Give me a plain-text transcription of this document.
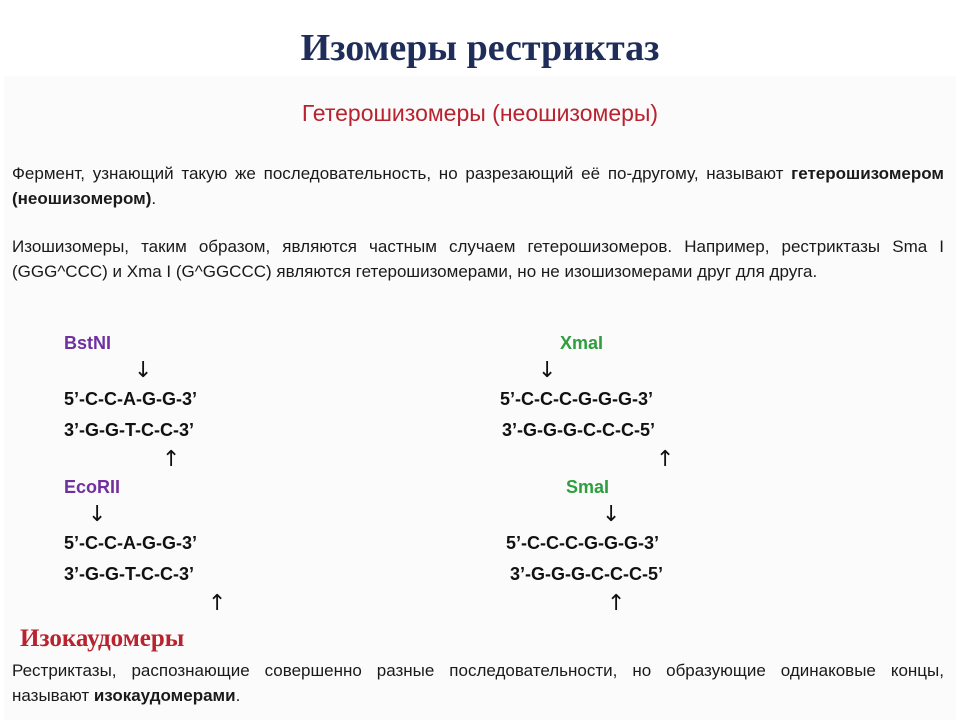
Изомеры рестриктаз
Гетерошизомеры (неошизомеры)
Фермент, узнающий такую же последовательность, но разрезающий её по-другому, называют гетерошизомером (неошизомером).
Изошизомеры, таким образом, являются частным случаем гетерошизомеров. Например, рестриктазы Sma I (GGG^CCC) и Xma I (G^GGCCC) являются гетерошизомерами, но не изошизомерами друг для друга.
BstNI
↓
5’-C-C-A-G-G-3’
3’-G-G-T-C-C-3’
↑
XmaI
↓
5’-C-C-C-G-G-G-3’
3’-G-G-G-C-C-C-5’
↑
EcoRII
↓
5’-C-C-A-G-G-3’
3’-G-G-T-C-C-3’
↑
SmaI
↓
5’-C-C-C-G-G-G-3’
3’-G-G-G-C-C-C-5’
↑
Изокаудомеры
Рестриктазы, распознающие совершенно разные последовательности, но образующие одинаковые концы, называют изокаудомерами.
